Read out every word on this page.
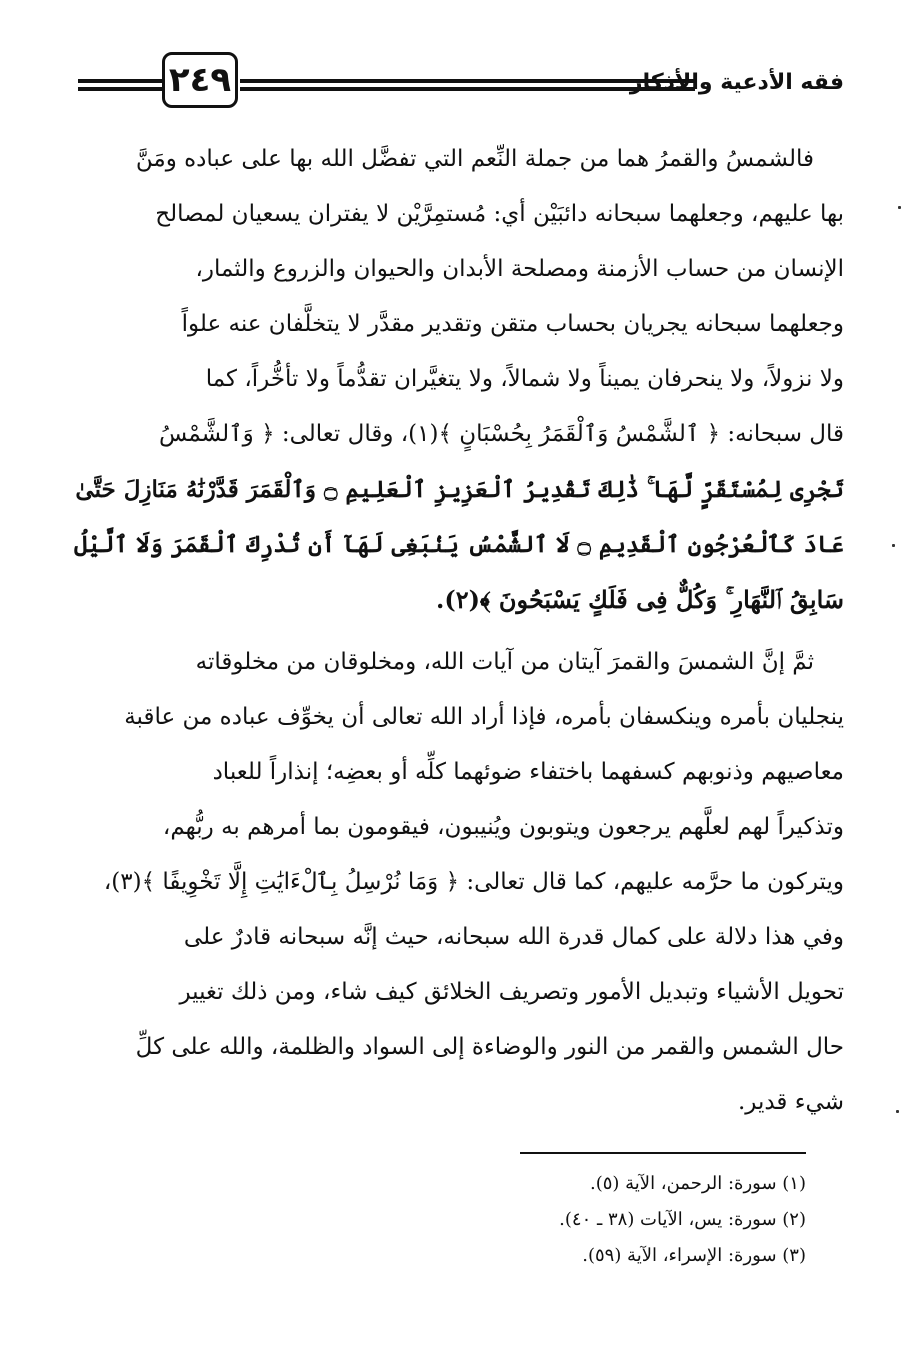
٢٤٩	فقه الأدعية والأذكار
فالشمسُ والقمرُ هما من جملة النِّعم التي تفضَّل الله بها على عباده ومَنَّ
بها عليهم، وجعلهما سبحانه دائبَيْن أي: مُستمِرَّيْن لا يفتران يسعيان لمصالح
الإنسان من حساب الأزمنة ومصلحة الأبدان والحيوان والزروع والثمار،
وجعلهما سبحانه يجريان بحساب متقن وتقدير مقدَّر لا يتخلَّفان عنه علواً
ولا نزولاً، ولا ينحرفان يميناً ولا شمالاً، ولا يتغيَّران تقدُّماً ولا تأخُّراً، كما
قال سبحانه: ﴿ ٱلشَّمْسُ وَٱلْقَمَرُ بِحُسْبَانٍ ﴾(١)، وقال تعالى: ﴿ وَٱلشَّمْسُ
تَجْرِى لِمُسْتَقَرٍّ لَّهَا ۚ ذَٰلِكَ تَقْدِيرُ ٱلْعَزِيزِ ٱلْعَلِيمِ ۝ وَٱلْقَمَرَ قَدَّرْنَٰهُ مَنَازِلَ حَتَّىٰ
عَادَ كَٱلْعُرْجُونِ ٱلْقَدِيمِ ۝ لَا ٱلشَّمْسُ يَنۢبَغِى لَهَآ أَن تُدْرِكَ ٱلْقَمَرَ وَلَا ٱلَّيْلُ
سَابِقُ ٱلنَّهَارِ ۚ وَكُلٌّ فِى فَلَكٍ يَسْبَحُونَ ﴾(٢).
ثمَّ إنَّ الشمسَ والقمرَ آيتان من آيات الله، ومخلوقان من مخلوقاته
ينجليان بأمره وينكسفان بأمره، فإذا أراد الله تعالى أن يخوِّف عباده من عاقبة
معاصيهم وذنوبهم كسفهما باختفاء ضوئهما كلِّه أو بعضِه؛ إنذاراً للعباد
وتذكيراً لهم لعلَّهم يرجعون ويتوبون ويُنيبون، فيقومون بما أمرهم به ربُّهم،
ويتركون ما حرَّمه عليهم، كما قال تعالى: ﴿ وَمَا نُرْسِلُ بِٱلْءَايَٰتِ إِلَّا تَخْوِيفًا ﴾(٣)،
وفي هذا دلالة على كمال قدرة الله سبحانه، حيث إنَّه سبحانه قادرٌ على
تحويل الأشياء وتبديل الأمور وتصريف الخلائق كيف شاء، ومن ذلك تغيير
حال الشمس والقمر من النور والوضاءة إلى السواد والظلمة، والله على كلِّ
شيء قدير.
(١) سورة: الرحمن، الآية (٥).
(٢) سورة: يس، الآيات (٣٨ ـ ٤٠).
(٣) سورة: الإسراء، الآية (٥٩).
